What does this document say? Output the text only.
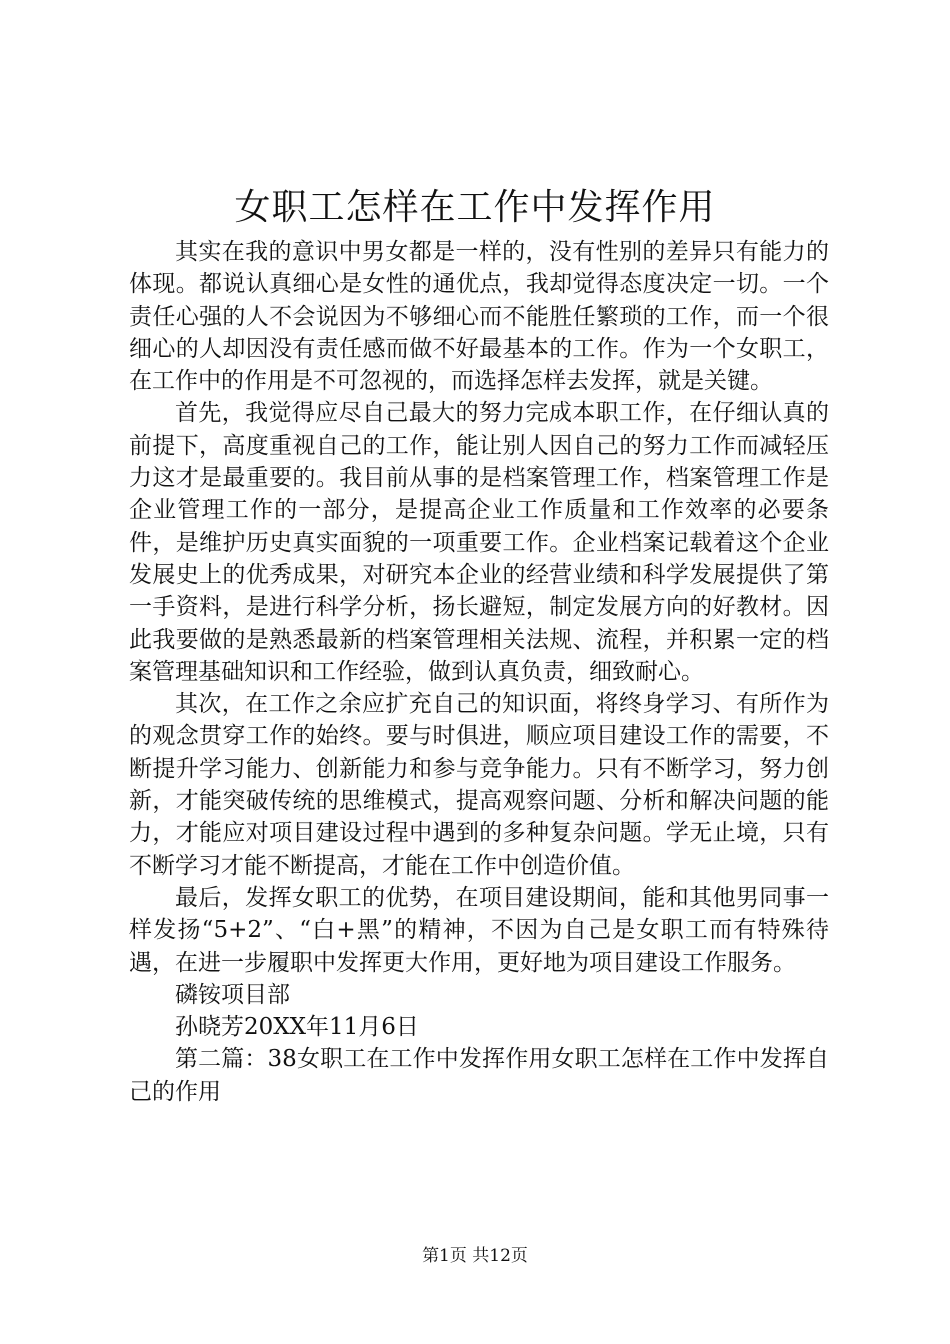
女职工怎样在工作中发挥作用

其实在我的意识中男女都是一样的，没有性别的差异只有能力的体现。都说认真细心是女性的通优点，我却觉得态度决定一切。一个责任心强的人不会说因为不够细心而不能胜任繁琐的工作，而一个很细心的人却因没有责任感而做不好最基本的工作。作为一个女职工，在工作中的作用是不可忽视的，而选择怎样去发挥，就是关键。

首先，我觉得应尽自己最大的努力完成本职工作，在仔细认真的前提下，高度重视自己的工作，能让别人因自己的努力工作而减轻压力这才是最重要的。我目前从事的是档案管理工作，档案管理工作是企业管理工作的一部分，是提高企业工作质量和工作效率的必要条件，是维护历史真实面貌的一项重要工作。企业档案记载着这个企业发展史上的优秀成果，对研究本企业的经营业绩和科学发展提供了第一手资料，是进行科学分析，扬长避短，制定发展方向的好教材。因此我要做的是熟悉最新的档案管理相关法规、流程，并积累一定的档案管理基础知识和工作经验，做到认真负责，细致耐心。

其次，在工作之余应扩充自己的知识面，将终身学习、有所作为的观念贯穿工作的始终。要与时俱进，顺应项目建设工作的需要，不断提升学习能力、创新能力和参与竞争能力。只有不断学习，努力创新，才能突破传统的思维模式，提高观察问题、分析和解决问题的能力，才能应对项目建设过程中遇到的多种复杂问题。学无止境，只有不断学习才能不断提高，才能在工作中创造价值。

最后，发挥女职工的优势，在项目建设期间，能和其他男同事一样发扬“5+2”、“白+黑”的精神，不因为自己是女职工而有特殊待遇，在进一步履职中发挥更大作用，更好地为项目建设工作服务。

磷铵项目部

孙晓芳20XX年11月6日

第二篇：38女职工在工作中发挥作用女职工怎样在工作中发挥自己的作用

第1页 共12页
